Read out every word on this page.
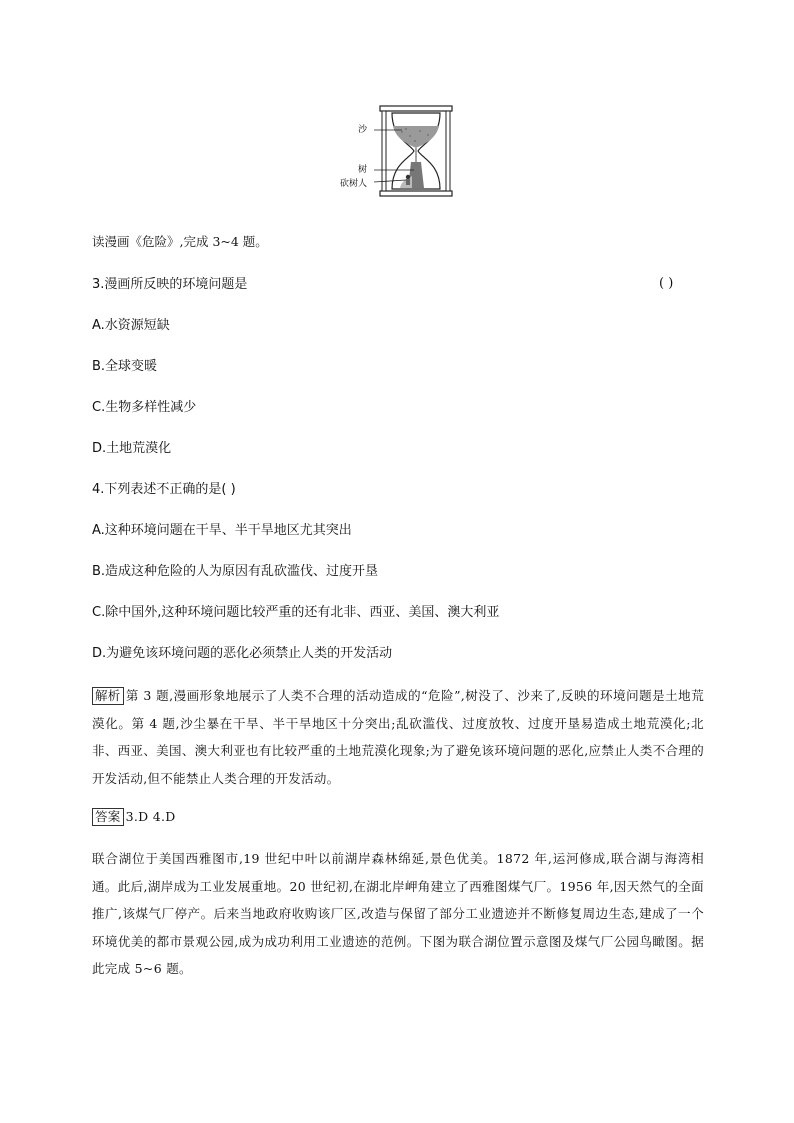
沙
树
砍树人
读漫画《危险》,完成 3~4 题。
3.漫画所反映的环境问题是	( )
A.水资源短缺
B.全球变暖
C.生物多样性减少
D.土地荒漠化
4.下列表述不正确的是( )
A.这种环境问题在干旱、半干旱地区尤其突出
B.造成这种危险的人为原因有乱砍滥伐、过度开垦
C.除中国外,这种环境问题比较严重的还有北非、西亚、美国、澳大利亚
D.为避免该环境问题的恶化必须禁止人类的开发活动
解析 第 3 题,漫画形象地展示了人类不合理的活动造成的“危险”,树没了、沙来了,反映的环境问题是土地荒漠化。第 4 题,沙尘暴在干旱、半干旱地区十分突出;乱砍滥伐、过度放牧、过度开垦易造成土地荒漠化;北非、西亚、美国、澳大利亚也有比较严重的土地荒漠化现象;为了避免该环境问题的恶化,应禁止人类不合理的开发活动,但不能禁止人类合理的开发活动。
答案 3.D 4.D
联合湖位于美国西雅图市,19 世纪中叶以前湖岸森林绵延,景色优美。1872 年,运河修成,联合湖与海湾相通。此后,湖岸成为工业发展重地。20 世纪初,在湖北岸岬角建立了西雅图煤气厂。1956 年,因天然气的全面推广,该煤气厂停产。后来当地政府收购该厂区,改造与保留了部分工业遗迹并不断修复周边生态,建成了一个环境优美的都市景观公园,成为成功利用工业遗迹的范例。下图为联合湖位置示意图及煤气厂公园鸟瞰图。据此完成 5~6 题。
